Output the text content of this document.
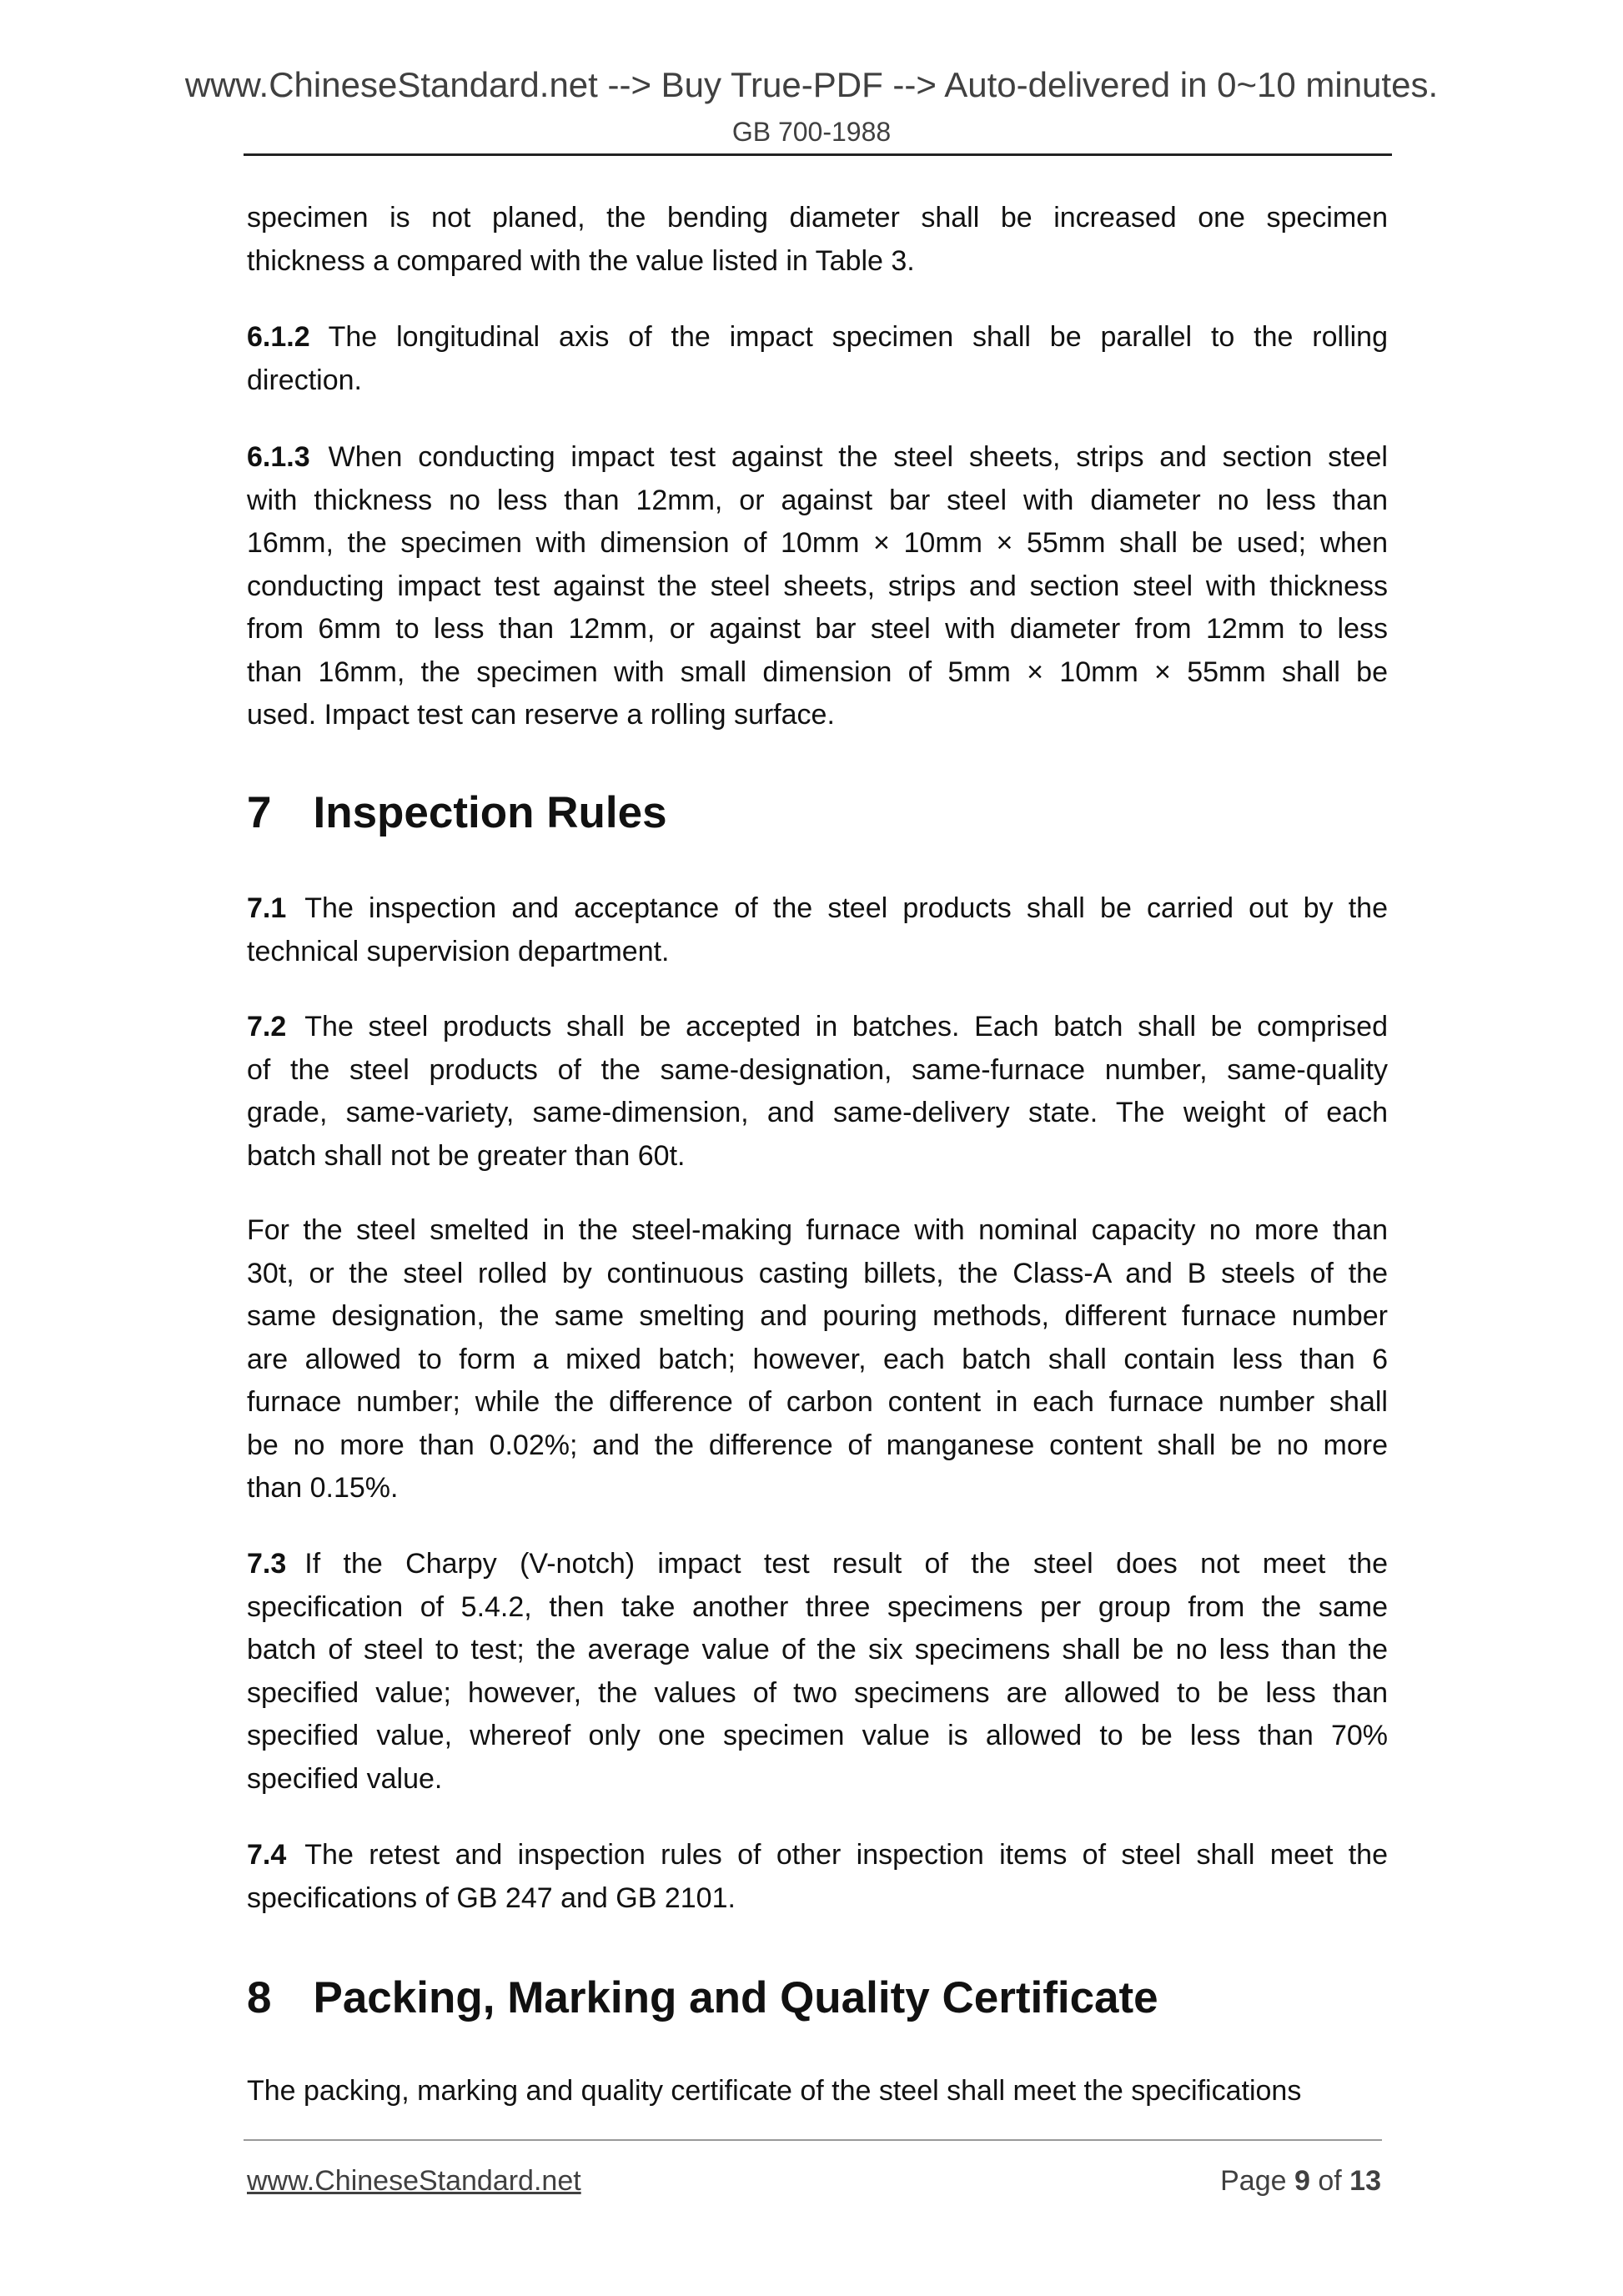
www.ChineseStandard.net --> Buy True-PDF --> Auto-delivered in 0~10 minutes.
GB 700-1988
specimen is not planed, the bending diameter shall be increased one specimen
thickness a compared with the value listed in Table 3.
6.1.2 The longitudinal axis of the impact specimen shall be parallel to the rolling
direction.
6.1.3 When conducting impact test against the steel sheets, strips and section steel
with thickness no less than 12mm, or against bar steel with diameter no less than
16mm, the specimen with dimension of 10mm × 10mm × 55mm shall be used; when
conducting impact test against the steel sheets, strips and section steel with thickness
from 6mm to less than 12mm, or against bar steel with diameter from 12mm to less
than 16mm, the specimen with small dimension of 5mm × 10mm × 55mm shall be
used. Impact test can reserve a rolling surface.
7.1 The inspection and acceptance of the steel products shall be carried out by the
technical supervision department.
7.2 The steel products shall be accepted in batches. Each batch shall be comprised
of the steel products of the same-designation, same-furnace number, same-quality
grade, same-variety, same-dimension, and same-delivery state. The weight of each
batch shall not be greater than 60t.
For the steel smelted in the steel-making furnace with nominal capacity no more than
30t, or the steel rolled by continuous casting billets, the Class-A and B steels of the
same designation, the same smelting and pouring methods, different furnace number
are allowed to form a mixed batch; however, each batch shall contain less than 6
furnace number; while the difference of carbon content in each furnace number shall
be no more than 0.02%; and the difference of manganese content shall be no more
than 0.15%.
7.3 If the Charpy (V-notch) impact test result of the steel does not meet the
specification of 5.4.2, then take another three specimens per group from the same
batch of steel to test; the average value of the six specimens shall be no less than the
specified value; however, the values of two specimens are allowed to be less than
specified value, whereof only one specimen value is allowed to be less than 70%
specified value.
7.4 The retest and inspection rules of other inspection items of steel shall meet the
specifications of GB 247 and GB 2101.
The packing, marking and quality certificate of the steel shall meet the specifications
7 Inspection Rules
8 Packing, Marking and Quality Certificate
www.ChineseStandard.net	Page 9 of 13
